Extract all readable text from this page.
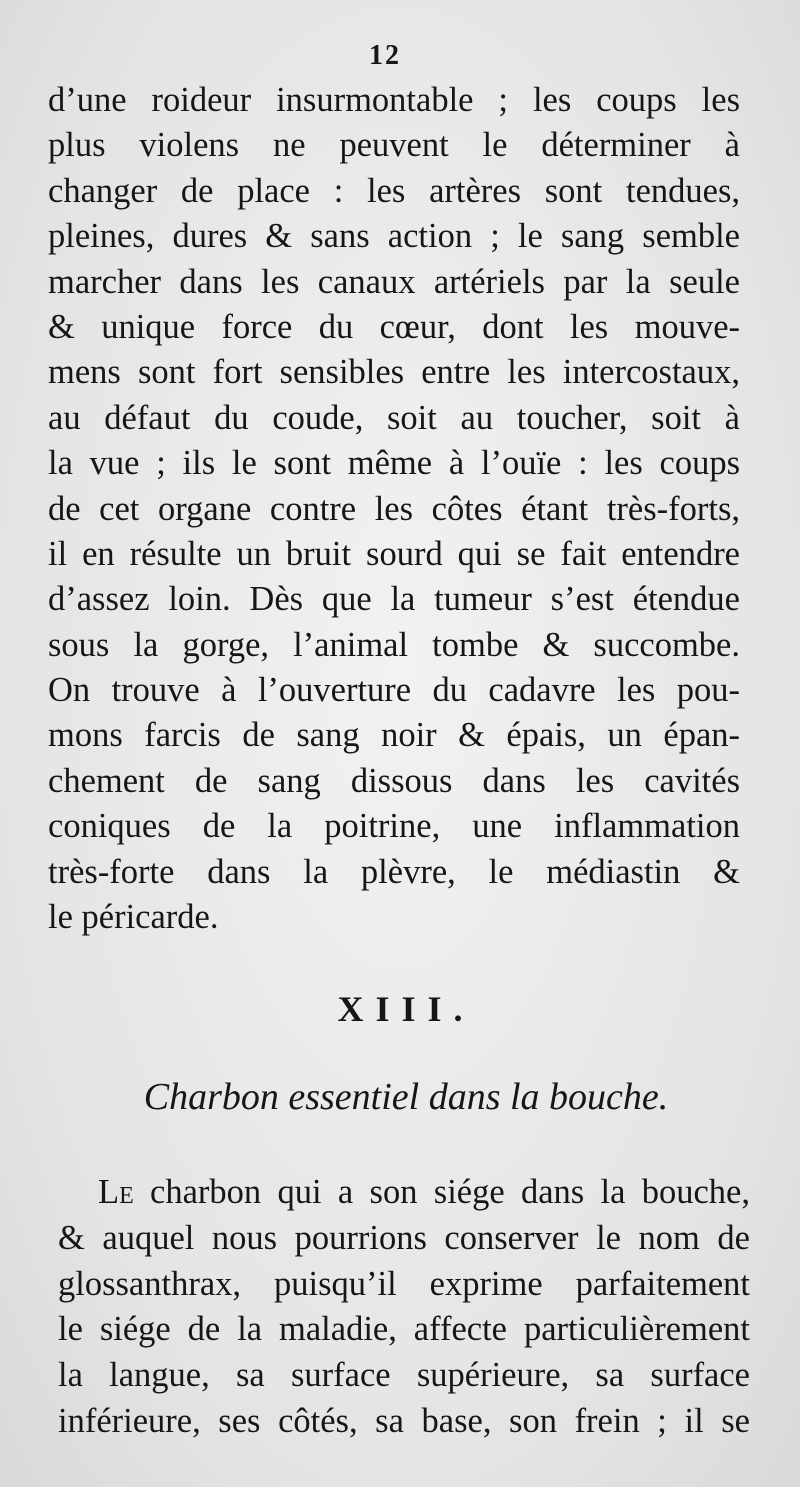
12
d’une roideur insurmontable ; les coups les
plus violens ne peuvent le déterminer à
changer de place : les artères sont tendues,
pleines, dures & sans action ; le sang semble
marcher dans les canaux artériels par la seule
& unique force du cœur, dont les mouve-
mens sont fort sensibles entre les intercostaux,
au défaut du coude, soit au toucher, soit à
la vue ; ils le sont même à l’ouïe : les coups
de cet organe contre les côtes étant très-forts,
il en résulte un bruit sourd qui se fait entendre
d’assez loin. Dès que la tumeur s’est étendue
sous la gorge, l’animal tombe & succombe.
On trouve à l’ouverture du cadavre les pou-
mons farcis de sang noir & épais, un épan-
chement de sang dissous dans les cavités
coniques de la poitrine, une inflammation
très-forte dans la plèvre, le médiastin &
le péricarde.
XIII.
Charbon essentiel dans la bouche.
Le charbon qui a son siége dans la bouche,
& auquel nous pourrions conserver le nom de
glossanthrax, puisqu’il exprime parfaitement
le siége de la maladie, affecte particulièrement
la langue, sa surface supérieure, sa surface
inférieure, ses côtés, sa base, son frein ; il se
